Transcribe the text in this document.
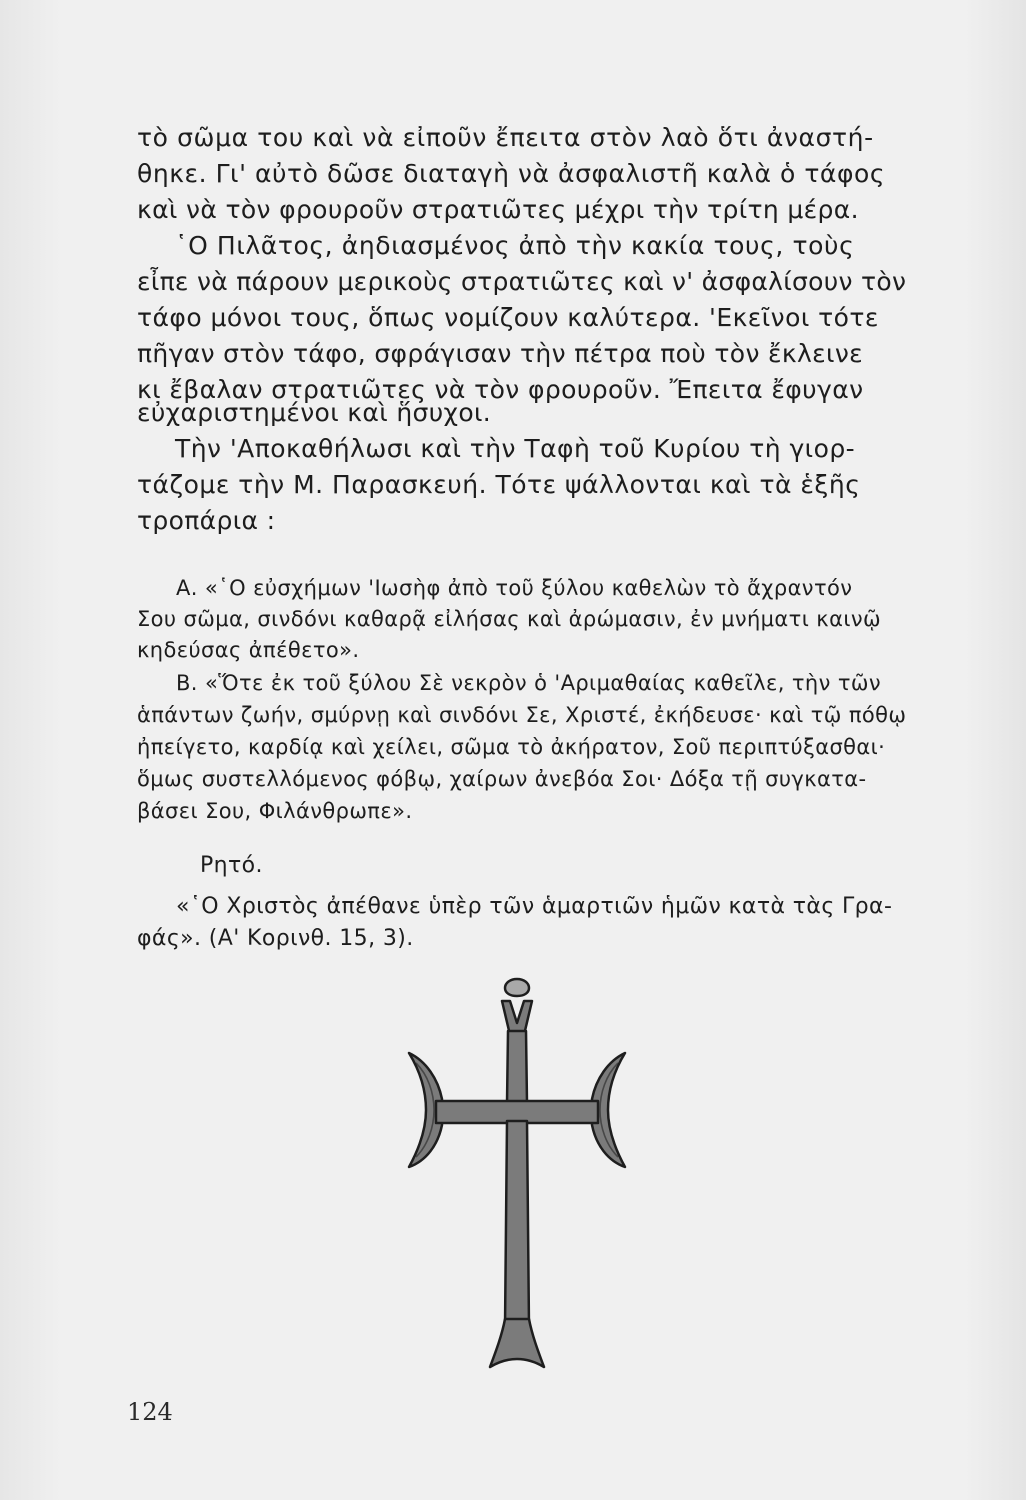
τὸ σῶμα του καὶ νὰ εἰποῦν ἔπειτα στὸν λαὸ ὅτι ἀναστή-
θηκε. Γι' αὐτὸ δῶσε διαταγὴ νὰ ἀσφαλιστῆ καλὰ ὁ τάφος
καὶ νὰ τὸν φρουροῦν στρατιῶτες μέχρι τὴν τρίτη μέρα.
῾Ο Πιλᾶτος, ἀηδιασμένος ἀπὸ τὴν κακία τους, τοὺς
εἶπε νὰ πάρουν μερικοὺς στρατιῶτες καὶ ν' ἀσφαλίσουν τὸν
τάφο μόνοι τους, ὅπως νομίζουν καλύτερα. 'Εκεῖνοι τότε
πῆγαν στὸν τάφο, σφράγισαν τὴν πέτρα ποὺ τὸν ἔκλεινε
κι ἔβαλαν στρατιῶτες νὰ τὸν φρουροῦν. Ἔπειτα ἔφυγαν
εὐχαριστημένοι καὶ ἥσυχοι.
Τὴν 'Αποκαθήλωσι καὶ τὴν Ταφὴ τοῦ Κυρίου τὴ γιορ-
τάζομε τὴν Μ. Παρασκευή. Τότε ψάλλονται καὶ τὰ ἑξῆς
τροπάρια :
Α. «῾Ο εὐσχήμων 'Ιωσὴφ ἀπὸ τοῦ ξύλου καθελὼν τὸ ἄχραντόν
Σου σῶμα, σινδόνι καθαρᾷ εἰλήσας καὶ ἀρώμασιν, ἐν μνήματι καινῷ
κηδεύσας ἀπέθετο».
Β. «Ὅτε ἐκ τοῦ ξύλου Σὲ νεκρὸν ὁ 'Αριμαθαίας καθεῖλε, τὴν τῶν
ἁπάντων ζωήν, σμύρνῃ καὶ σινδόνι Σε, Χριστέ, ἐκήδευσε· καὶ τῷ πόθῳ
ἠπείγετο, καρδίᾳ καὶ χείλει, σῶμα τὸ ἀκήρατον, Σοῦ περιπτύξασθαι·
ὅμως συστελλόμενος φόβῳ, χαίρων ἀνεβόα Σοι· Δόξα τῇ συγκατα-
βάσει Σου, Φιλάνθρωπε».
Ρητό.
«῾Ο Χριστὸς ἀπέθανε ὑπὲρ τῶν ἁμαρτιῶν ἡμῶν κατὰ τὰς Γρα-
φάς». (Α' Κορινθ. 15, 3).
124
